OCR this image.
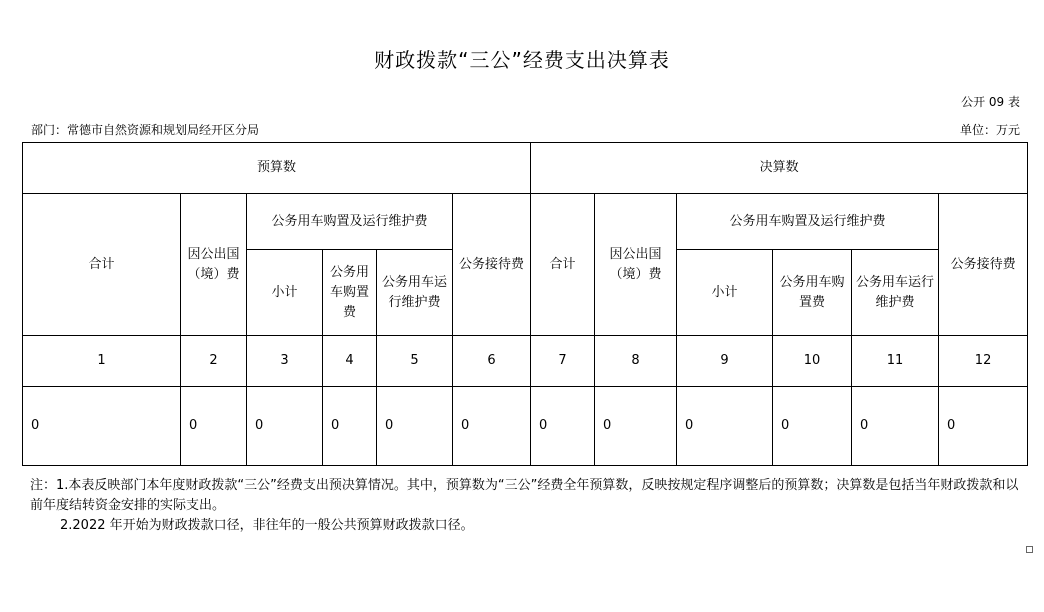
财政拨款“三公”经费支出决算表
公开 09 表
部门：常德市自然资源和规划局经开区分局	单位：万元
预算数						决算数					
合计	因公出国（境）费	公务用车购置及运行维护费			公务接待费	合计	因公出国（境）费	公务用车购置及运行维护费			公务接待费
		小计	公务用车购置费	公务用车运行维护费				小计	公务用车购置费	公务用车运行维护费	
1	2	3	4	5	6	7	8	9	10	11	12
0	0	0	0	0	0	0	0	0	0	0	0
注：1.本表反映部门本年度财政拨款“三公”经费支出预决算情况。其中，预算数为“三公”经费全年预算数，反映按规定程序调整后的预算数；决算数是包括当年财政拨款和以前年度结转资金安排的实际支出。
2.2022 年开始为财政拨款口径，非往年的一般公共预算财政拨款口径。
